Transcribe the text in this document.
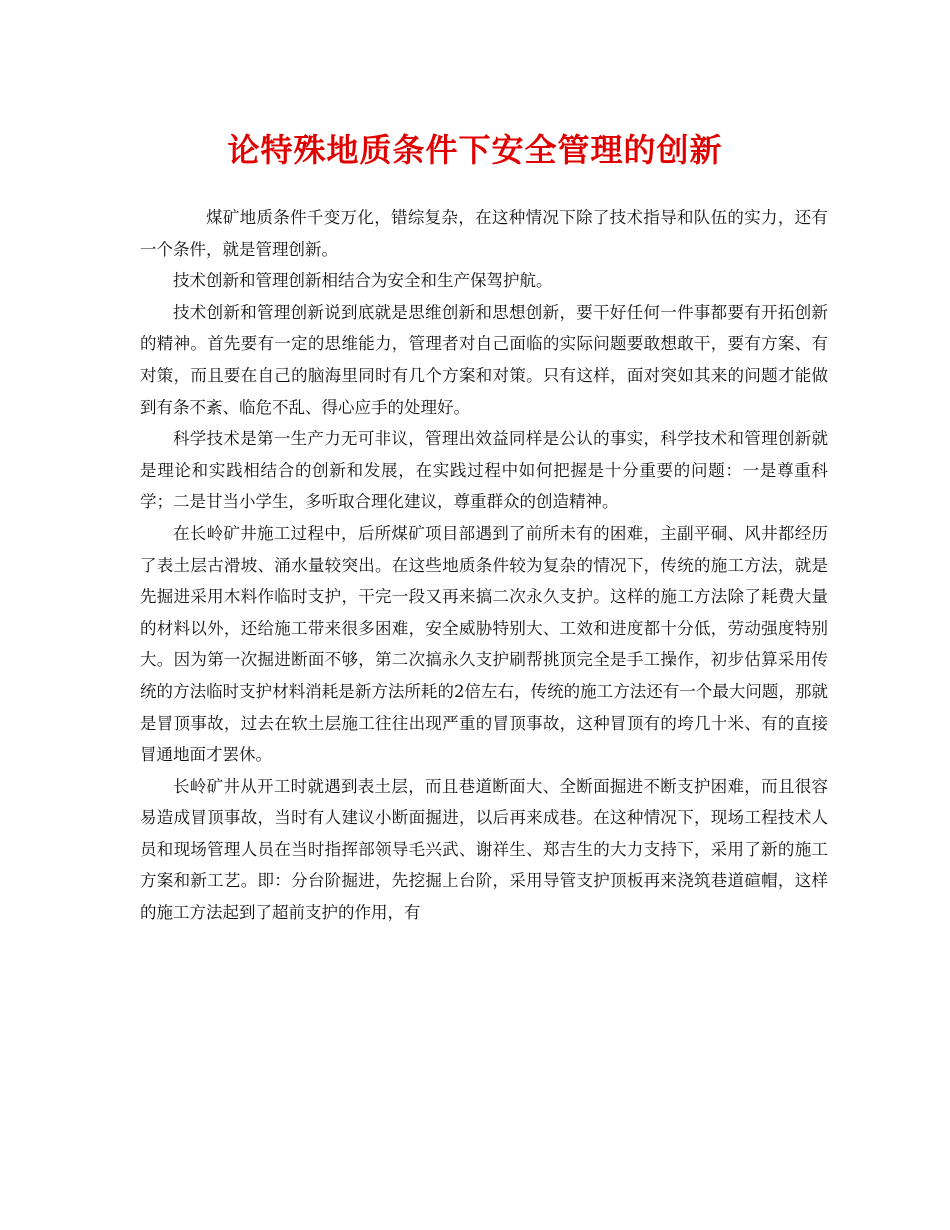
论特殊地质条件下安全管理的创新

煤矿地质条件千变万化，错综复杂，在这种情况下除了技术指导和队伍的实力，还有一个条件，就是管理创新。

技术创新和管理创新相结合为安全和生产保驾护航。

技术创新和管理创新说到底就是思维创新和思想创新，要干好任何一件事都要有开拓创新的精神。首先要有一定的思维能力，管理者对自己面临的实际问题要敢想敢干，要有方案、有对策，而且要在自己的脑海里同时有几个方案和对策。只有这样，面对突如其来的问题才能做到有条不紊、临危不乱、得心应手的处理好。

科学技术是第一生产力无可非议，管理出效益同样是公认的事实，科学技术和管理创新就是理论和实践相结合的创新和发展，在实践过程中如何把握是十分重要的问题：一是尊重科学；二是甘当小学生，多听取合理化建议，尊重群众的创造精神。

在长岭矿井施工过程中，后所煤矿项目部遇到了前所未有的困难，主副平硐、风井都经历了表土层古滑坡、涌水量较突出。在这些地质条件较为复杂的情况下，传统的施工方法，就是先掘进采用木料作临时支护，干完一段又再来搞二次永久支护。这样的施工方法除了耗费大量的材料以外，还给施工带来很多困难，安全威胁特别大、工效和进度都十分低，劳动强度特别大。因为第一次掘进断面不够，第二次搞永久支护刷帮挑顶完全是手工操作，初步估算采用传统的方法临时支护材料消耗是新方法所耗的2倍左右，传统的施工方法还有一个最大问题，那就是冒顶事故，过去在软土层施工往往出现严重的冒顶事故，这种冒顶有的垮几十米、有的直接冒通地面才罢休。

长岭矿井从开工时就遇到表土层，而且巷道断面大、全断面掘进不断支护困难，而且很容易造成冒顶事故，当时有人建议小断面掘进，以后再来成巷。在这种情况下，现场工程技术人员和现场管理人员在当时指挥部领导毛兴武、谢祥生、郑吉生的大力支持下，采用了新的施工方案和新工艺。即：分台阶掘进，先挖掘上台阶，采用导管支护顶板再来浇筑巷道碹帽，这样的施工方法起到了超前支护的作用，有
